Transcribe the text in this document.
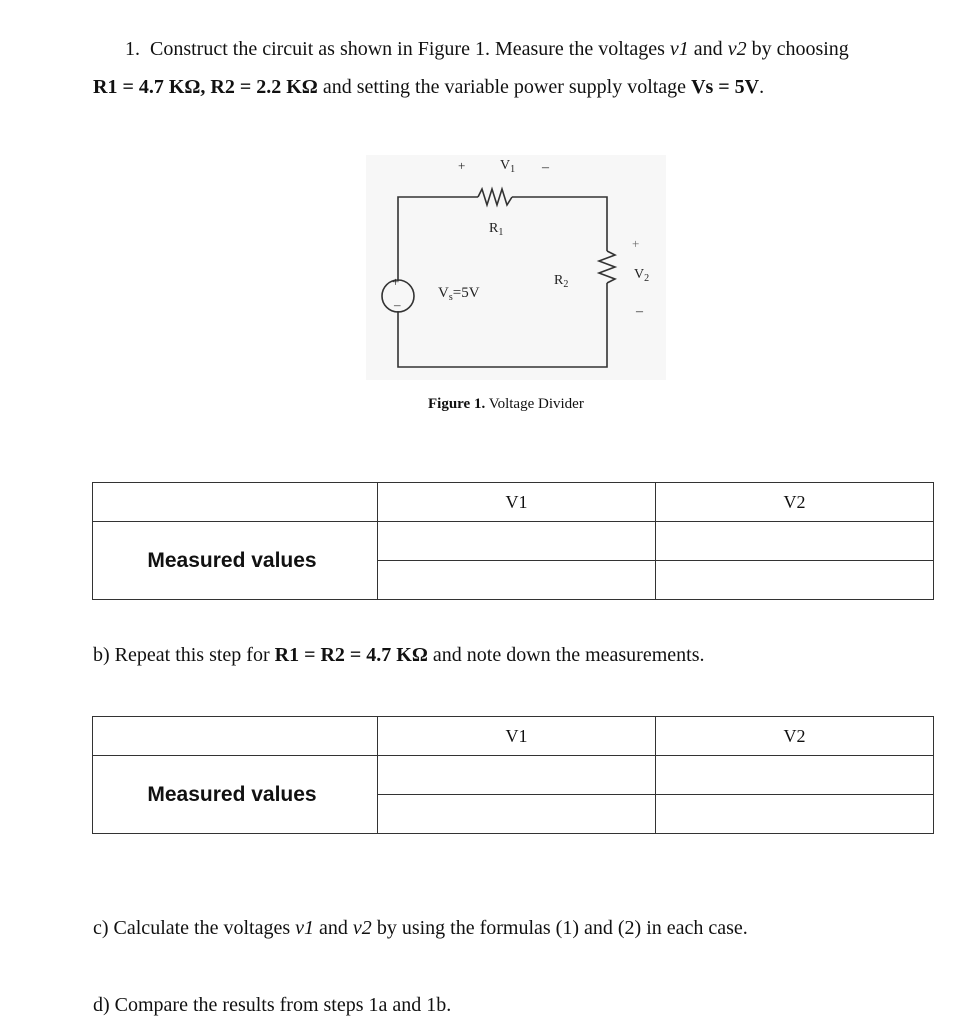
1. Construct the circuit as shown in Figure 1. Measure the voltages v1 and v2 by choosing
R1 = 4.7 KΩ, R2 = 2.2 KΩ and setting the variable power supply voltage Vs = 5V.
+ $V_1$ –
$R_1$
$R_2$
+
$V_2$
–
+
–
$V_s=5V$
Figure 1. Voltage Divider
	V1	V2
Measured values		

b) Repeat this step for R1 = R2 = 4.7 KΩ and note down the measurements.
	V1	V2
Measured values		

c) Calculate the voltages v1 and v2 by using the formulas (1) and (2) in each case.
d) Compare the results from steps 1a and 1b.
